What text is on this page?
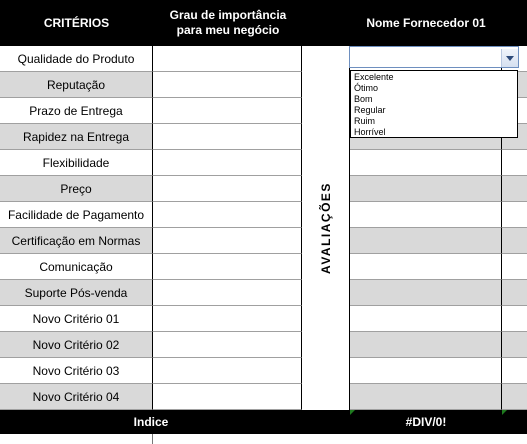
CRITÉRIOS
Grau de importância para meu negócio
Nome Fornecedor 01
Qualidade do Produto
Reputação
Prazo de Entrega
Rapidez na Entrega
Flexibilidade
Preço
Facilidade de Pagamento
Certificação em Normas
Comunicação
Suporte Pós-venda
Novo Critério 01
Novo Critério 02
Novo Critério 03
Novo Critério 04
AVALIAÇÕES
Indice	#DIV/0!
Excelente
Ótimo
Bom
Regular
Ruim
Horrível
